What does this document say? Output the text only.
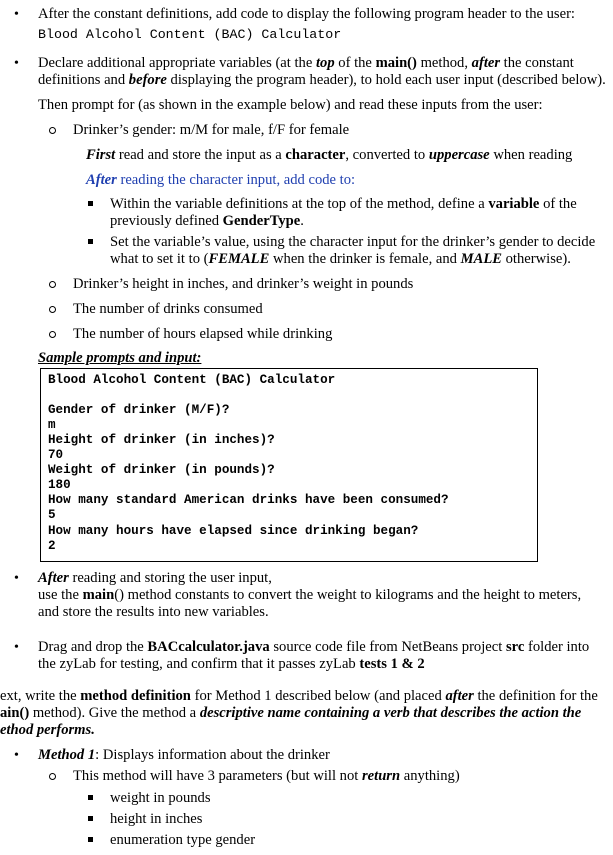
• After the constant definitions, add code to display the following program header to the user:
Blood Alcohol Content (BAC) Calculator
• Declare additional appropriate variables (at the top of the main() method, after the constant
definitions and before displaying the program header), to hold each user input (described below).
Then prompt for (as shown in the example below) and read these inputs from the user:
Drinker’s gender: m/M for male, f/F for female
First read and store the input as a character, converted to uppercase when reading
After reading the character input, add code to:
Within the variable definitions at the top of the method, define a variable of the
previously defined GenderType.
Set the variable’s value, using the character input for the drinker’s gender to decide
what to set it to (FEMALE when the drinker is female, and MALE otherwise).
Drinker’s height in inches, and drinker’s weight in pounds
The number of drinks consumed
The number of hours elapsed while drinking
Sample prompts and input:
Blood Alcohol Content (BAC) Calculator
Gender of drinker (M/F)?
m
Height of drinker (in inches)?
70
Weight of drinker (in pounds)?
180
How many standard American drinks have been consumed?
5
How many hours have elapsed since drinking began?
2
• After reading and storing the user input,
use the main() method constants to convert the weight to kilograms and the height to meters,
and store the results into new variables.
• Drag and drop the BACcalculator.java source code file from NetBeans project src folder into
the zyLab for testing, and confirm that it passes zyLab tests 1 & 2
ext, write the method definition for Method 1 described below (and placed after the definition for the
ain() method). Give the method a descriptive name containing a verb that describes the action the
ethod performs.
• Method 1: Displays information about the drinker
This method will have 3 parameters (but will not return anything)
weight in pounds
height in inches
enumeration type gender
